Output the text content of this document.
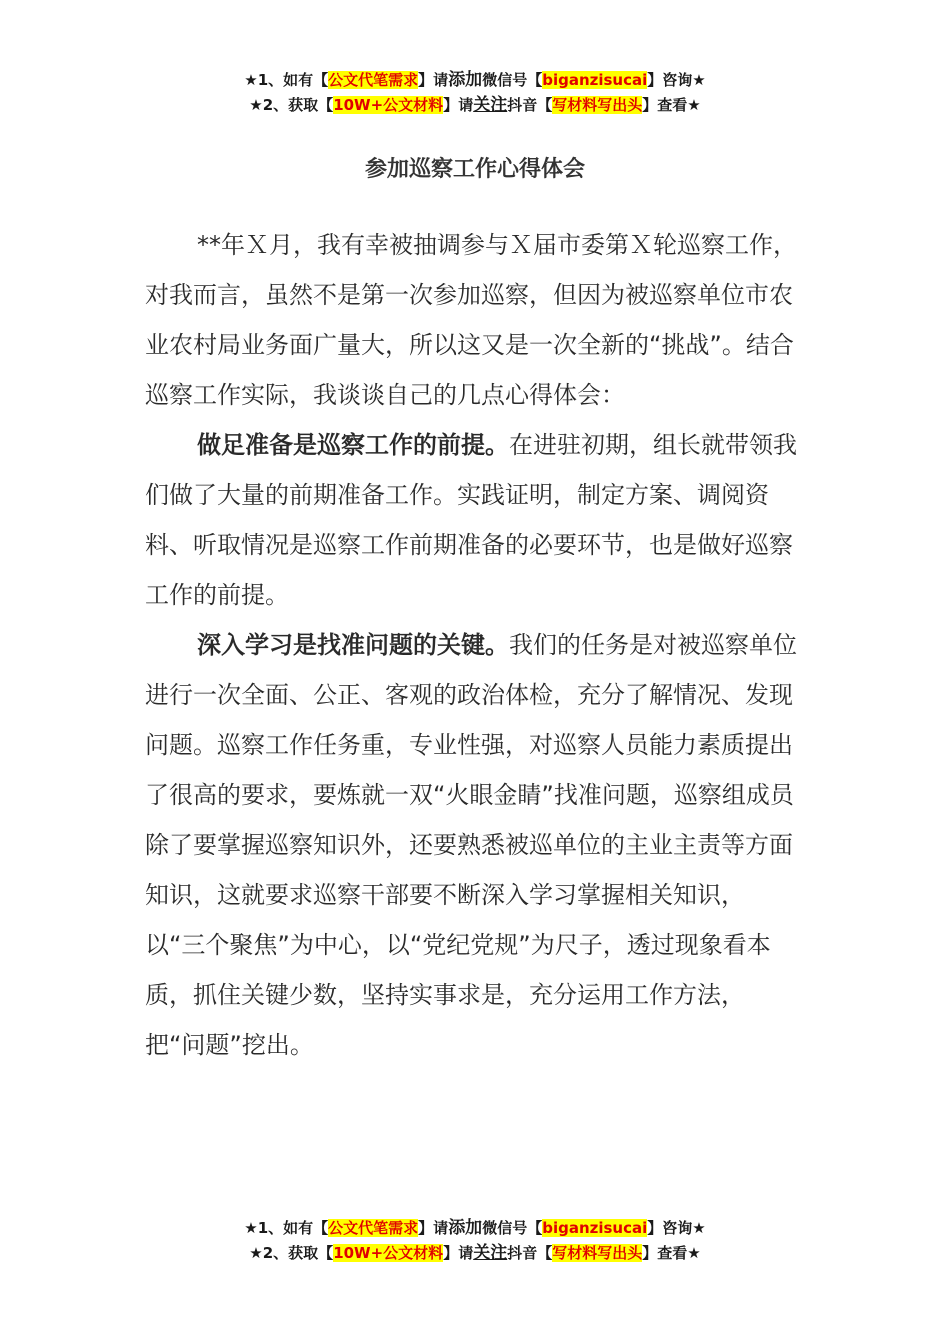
★1、如有【公文代笔需求】请添加微信号【biganzisucai】咨询★
★2、获取【10W+公文材料】请关注抖音【写材料写出头】查看★
参加巡察工作心得体会

**年Ｘ月，我有幸被抽调参与Ｘ届市委第Ｘ轮巡察工作，对我而言，虽然不是第一次参加巡察，但因为被巡察单位市农业农村局业务面广量大，所以这又是一次全新的“挑战”。结合巡察工作实际，我谈谈自己的几点心得体会：

做足准备是巡察工作的前提。在进驻初期，组长就带领我们做了大量的前期准备工作。实践证明，制定方案、调阅资料、听取情况是巡察工作前期准备的必要环节，也是做好巡察工作的前提。

深入学习是找准问题的关键。我们的任务是对被巡察单位进行一次全面、公正、客观的政治体检，充分了解情况、发现问题。巡察工作任务重，专业性强，对巡察人员能力素质提出了很高的要求，要炼就一双“火眼金睛”找准问题，巡察组成员除了要掌握巡察知识外，还要熟悉被巡单位的主业主责等方面知识，这就要求巡察干部要不断深入学习掌握相关知识，以“三个聚焦”为中心，以“党纪党规”为尺子，透过现象看本质，抓住关键少数，坚持实事求是，充分运用工作方法，把“问题”挖出。

★1、如有【公文代笔需求】请添加微信号【biganzisucai】咨询★
★2、获取【10W+公文材料】请关注抖音【写材料写出头】查看★
